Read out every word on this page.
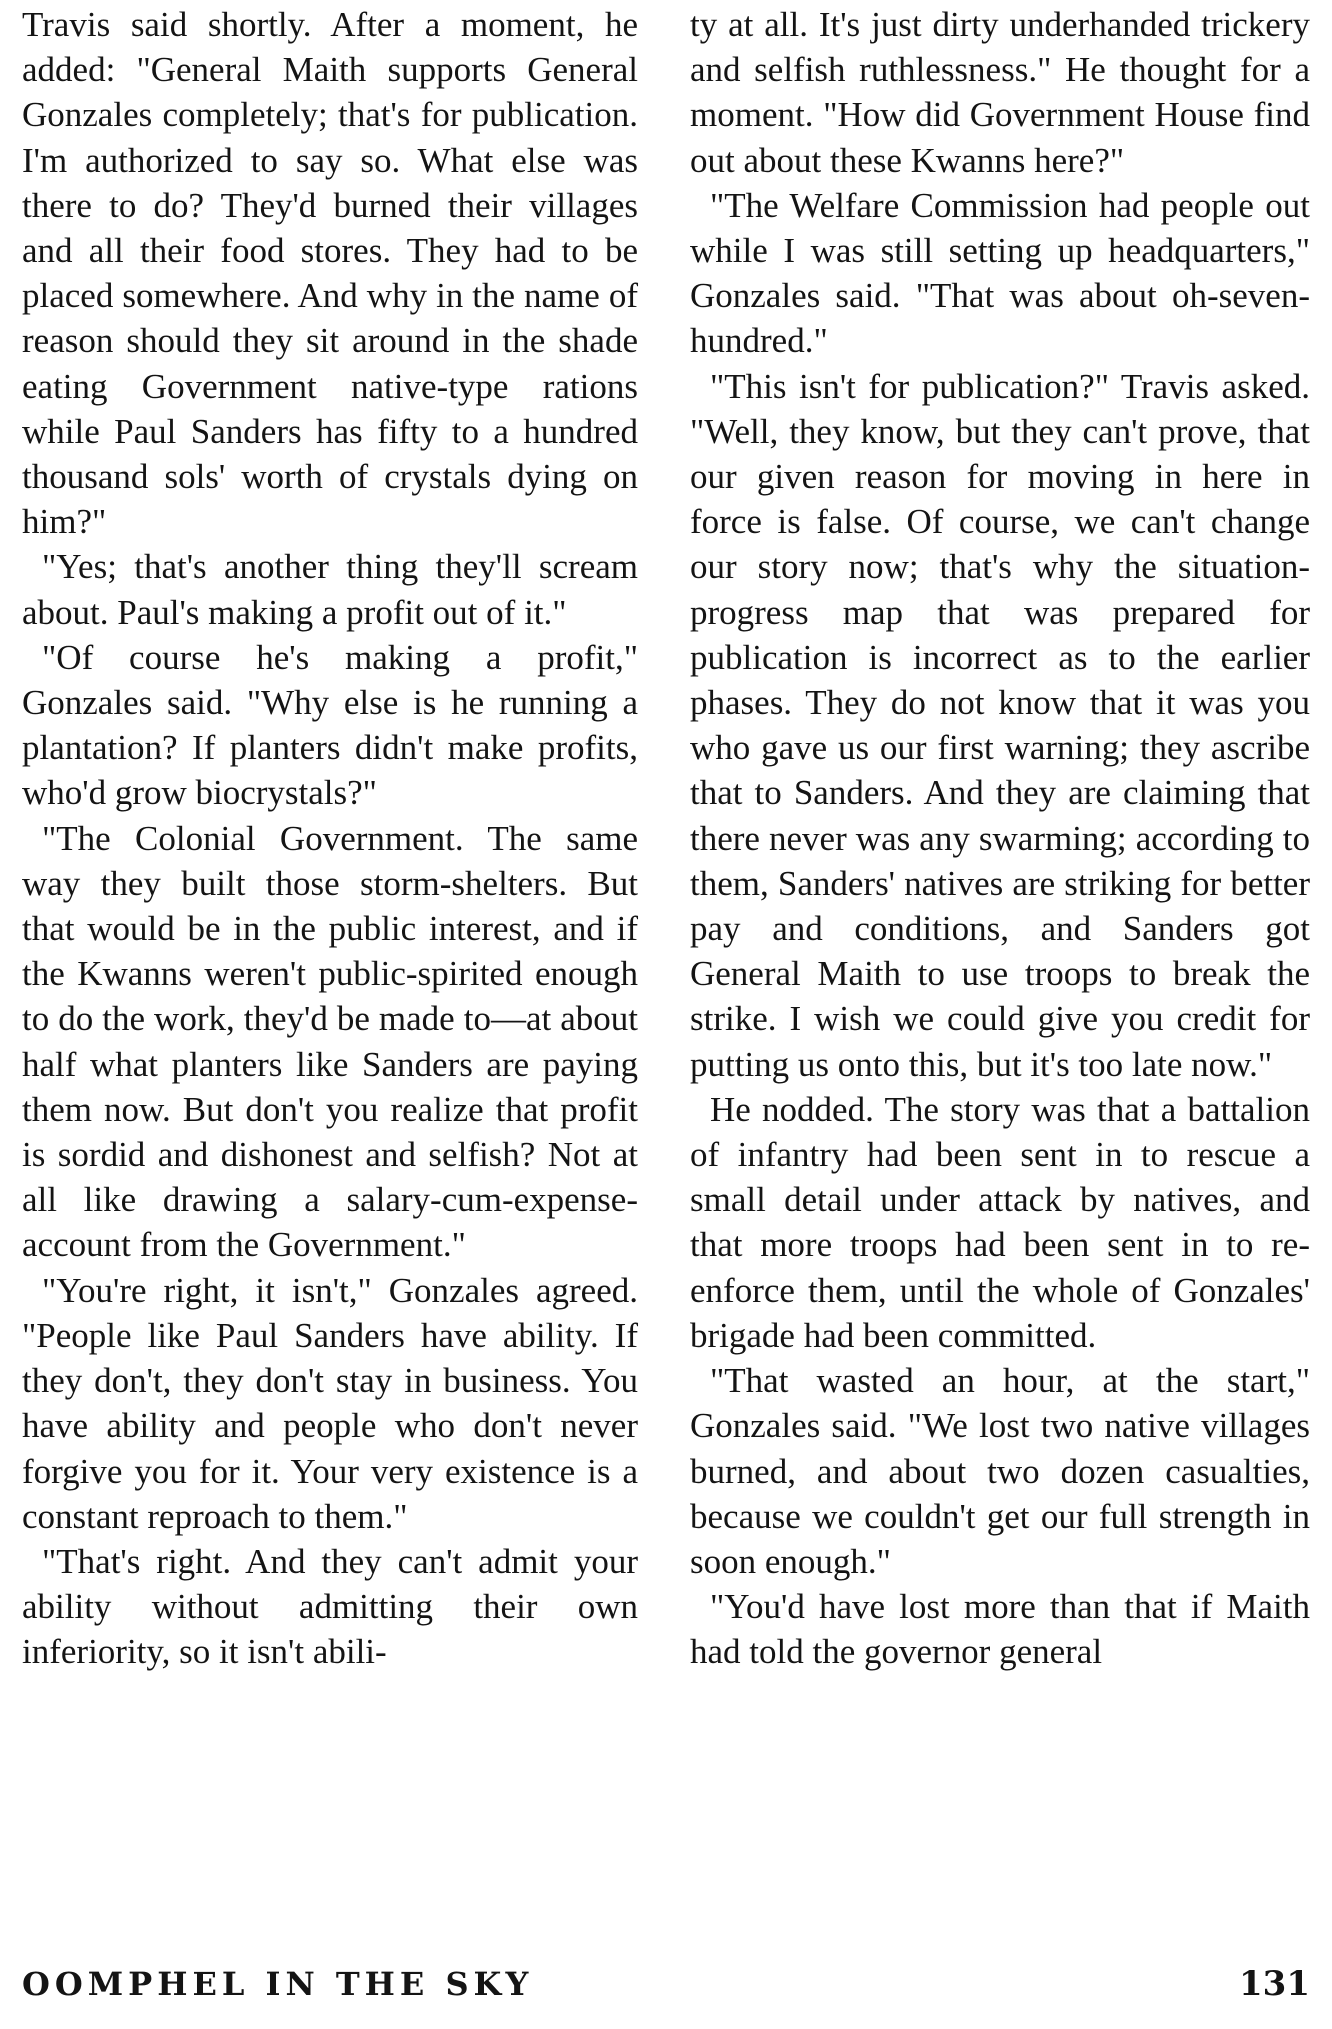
Travis said shortly. After a moment, he added: "General Maith supports General Gonzales completely; that's for publication. I'm authorized to say so. What else was there to do? They'd burned their villages and all their food stores. They had to be placed somewhere. And why in the name of reason should they sit around in the shade eating Government native-type rations while Paul Sanders has fifty to a hundred thousand sols' worth of crystals dying on him?"

"Yes; that's another thing they'll scream about. Paul's making a profit out of it."

"Of course he's making a profit," Gonzales said. "Why else is he running a plantation? If planters didn't make profits, who'd grow biocrystals?"

"The Colonial Government. The same way they built those storm-shelters. But that would be in the public interest, and if the Kwanns weren't public-spirited enough to do the work, they'd be made to—at about half what planters like Sanders are paying them now. But don't you realize that profit is sordid and dishonest and selfish? Not at all like drawing a salary-cum-expense-account from the Government."

"You're right, it isn't," Gonzales agreed. "People like Paul Sanders have ability. If they don't, they don't stay in business. You have ability and people who don't never forgive you for it. Your very existence is a constant reproach to them."

"That's right. And they can't admit your ability without admitting their own inferiority, so it isn't abili-

ty at all. It's just dirty underhanded trickery and selfish ruthlessness." He thought for a moment. "How did Government House find out about these Kwanns here?"

"The Welfare Commission had people out while I was still setting up headquarters," Gonzales said. "That was about oh-seven-hundred."

"This isn't for publication?" Travis asked. "Well, they know, but they can't prove, that our given reason for moving in here in force is false. Of course, we can't change our story now; that's why the situation-progress map that was prepared for publication is incorrect as to the earlier phases. They do not know that it was you who gave us our first warning; they ascribe that to Sanders. And they are claiming that there never was any swarming; according to them, Sanders' natives are striking for better pay and conditions, and Sanders got General Maith to use troops to break the strike. I wish we could give you credit for putting us onto this, but it's too late now."

He nodded. The story was that a battalion of infantry had been sent in to rescue a small detail under attack by natives, and that more troops had been sent in to re-enforce them, until the whole of Gonzales' brigade had been committed.

"That wasted an hour, at the start," Gonzales said. "We lost two native villages burned, and about two dozen casualties, because we couldn't get our full strength in soon enough."

"You'd have lost more than that if Maith had told the governor general

OOMPHEL IN THE SKY	131
